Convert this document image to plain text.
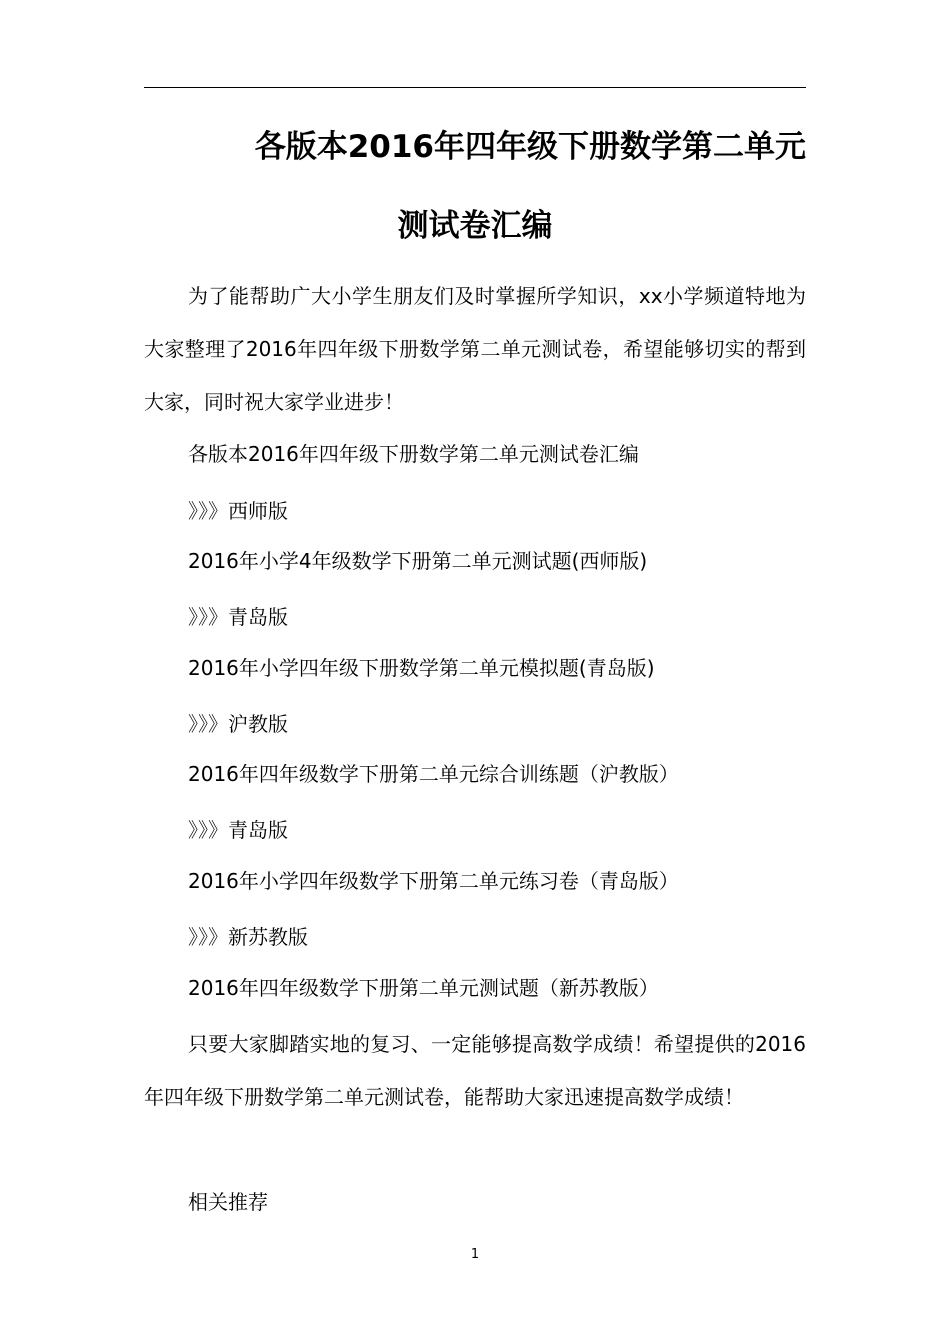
各版本2016年四年级下册数学第二单元
测试卷汇编
为了能帮助广大小学生朋友们及时掌握所学知识，xx小学频道特地为大家整理了2016年四年级下册数学第二单元测试卷，希望能够切实的帮到大家，同时祝大家学业进步！
各版本2016年四年级下册数学第二单元测试卷汇编
》》》西师版
2016年小学4年级数学下册第二单元测试题(西师版)
》》》青岛版
2016年小学四年级下册数学第二单元模拟题(青岛版)
》》》沪教版
2016年四年级数学下册第二单元综合训练题（沪教版）
》》》青岛版
2016年小学四年级数学下册第二单元练习卷（青岛版）
》》》新苏教版
2016年四年级数学下册第二单元测试题（新苏教版）
只要大家脚踏实地的复习、一定能够提高数学成绩！希望提供的2016年四年级下册数学第二单元测试卷，能帮助大家迅速提高数学成绩！
相关推荐
1
